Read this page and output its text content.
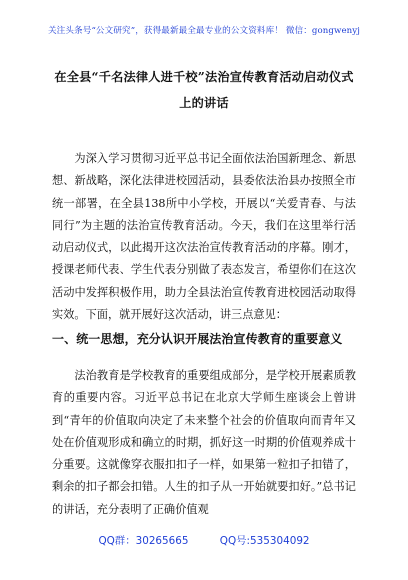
关注头条号“公文研究”，获得最新最全最专业的公文资料库！ 微信：gongwenyj
在全县“千名法律人进千校”法治宣传教育活动启动仪式
上的讲话
为深入学习贯彻习近平总书记全面依法治国新理念、新思想、新战略，深化法律进校园活动，县委依法治县办按照全市统一部署，在全县138所中小学校，开展以“关爱青春、与法同行”为主题的法治宣传教育活动。今天，我们在这里举行活动启动仪式，以此揭开这次法治宣传教育活动的序幕。刚才，授课老师代表、学生代表分别做了表态发言，希望你们在这次活动中发挥积极作用，助力全县法治宣传教育进校园活动取得实效。下面，就开展好这次活动，讲三点意见：
一、统一思想，充分认识开展法治宣传教育的重要意义
法治教育是学校教育的重要组成部分，是学校开展素质教育的重要内容。习近平总书记在北京大学师生座谈会上曾讲到“青年的价值取向决定了未来整个社会的价值取向而青年又处在价值观形成和确立的时期，抓好这一时期的价值观养成十分重要。这就像穿衣服扣扣子一样，如果第一粒扣子扣错了，剩余的扣子都会扣错。人生的扣子从一开始就要扣好。”总书记的讲话，充分表明了正确价值观
QQ群：30265665	QQ号:535304092
